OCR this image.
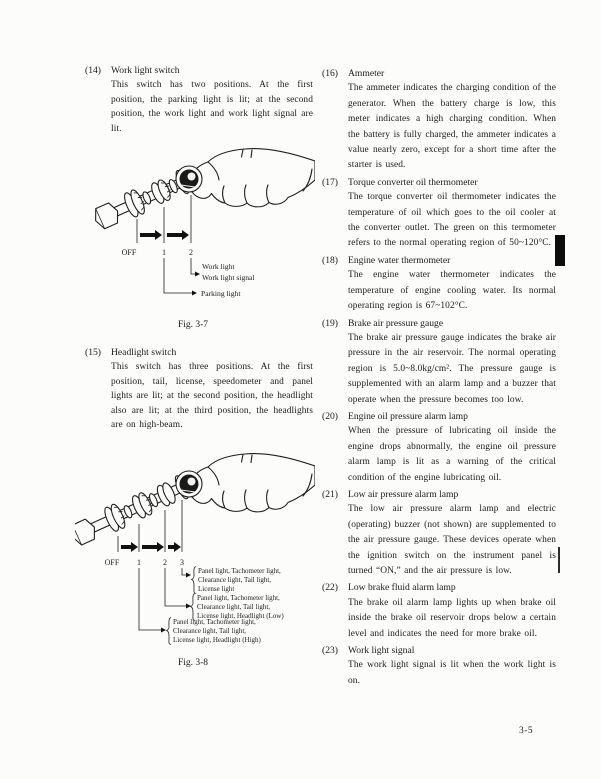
(14)	Work light switch
This switch has two positions. At the first position, the parking light is lit; at the second position, the work light and work light signal are lit.
(15)	Headlight switch
This switch has three positions. At the first position, tail, license, speedometer and panel lights are lit; at the second position, the headlight also are lit; at the third position, the headlights are on high-beam.
OFF	1	2
Work light
Work light signal
Parking light
Fig. 3-7
OFF 1	2 3
Panel light, Tachometer light,
Clearance light, Tail light,
License light
Panel light, Tachometer light,
Clearance light, Tail light,
License light, Headlight (Low)
Panel light, Tachometer light,
Clearance light, Tail light,
License light, Headlight (High)
Fig. 3-8
(16)	Ammeter
The ammeter indicates the charging condition of the generator. When the battery charge is low, this meter indicates a high charging condition. When the battery is fully charged, the ammeter indicates a value nearly zero, except for a short time after the starter is used.
(17)	Torque converter oil thermometer
The torque converter oil thermometer indicates the temperature of oil which goes to the oil cooler at the converter outlet. The green on this termometer refers to the normal operating region of 50~120°C.
(18)	Engine water thermometer
The engine water thermometer indicates the temperature of engine cooling water. Its normal operating region is 67~102°C.
(19)	Brake air pressure gauge
The brake air pressure gauge indicates the brake air pressure in the air reservoir. The normal operating region is 5.0~8.0kg/cm². The pressure gauge is supplemented with an alarm lamp and a buzzer that operate when the pressure becomes too low.
(20)	Engine oil pressure alarm lamp
When the pressure of lubricating oil inside the engine drops abnormally, the engine oil pressure alarm lamp is lit as a warning of the critical condition of the engine lubricating oil.
(21)	Low air pressure alarm lamp
The low air pressure alarm lamp and electric (operating) buzzer (not shown) are supplemented to the air pressure gauge. These devices operate when the ignition switch on the instrument panel is turned “ON,” and the air pressure is low.
(22)	Low brake fluid alarm lamp
The brake oil alarm lamp lights up when brake oil inside the brake oil reservoir drops below a certain level and indicates the need for more brake oil.
(23)	Work light signal
The work light signal is lit when the work light is on.
3-5
